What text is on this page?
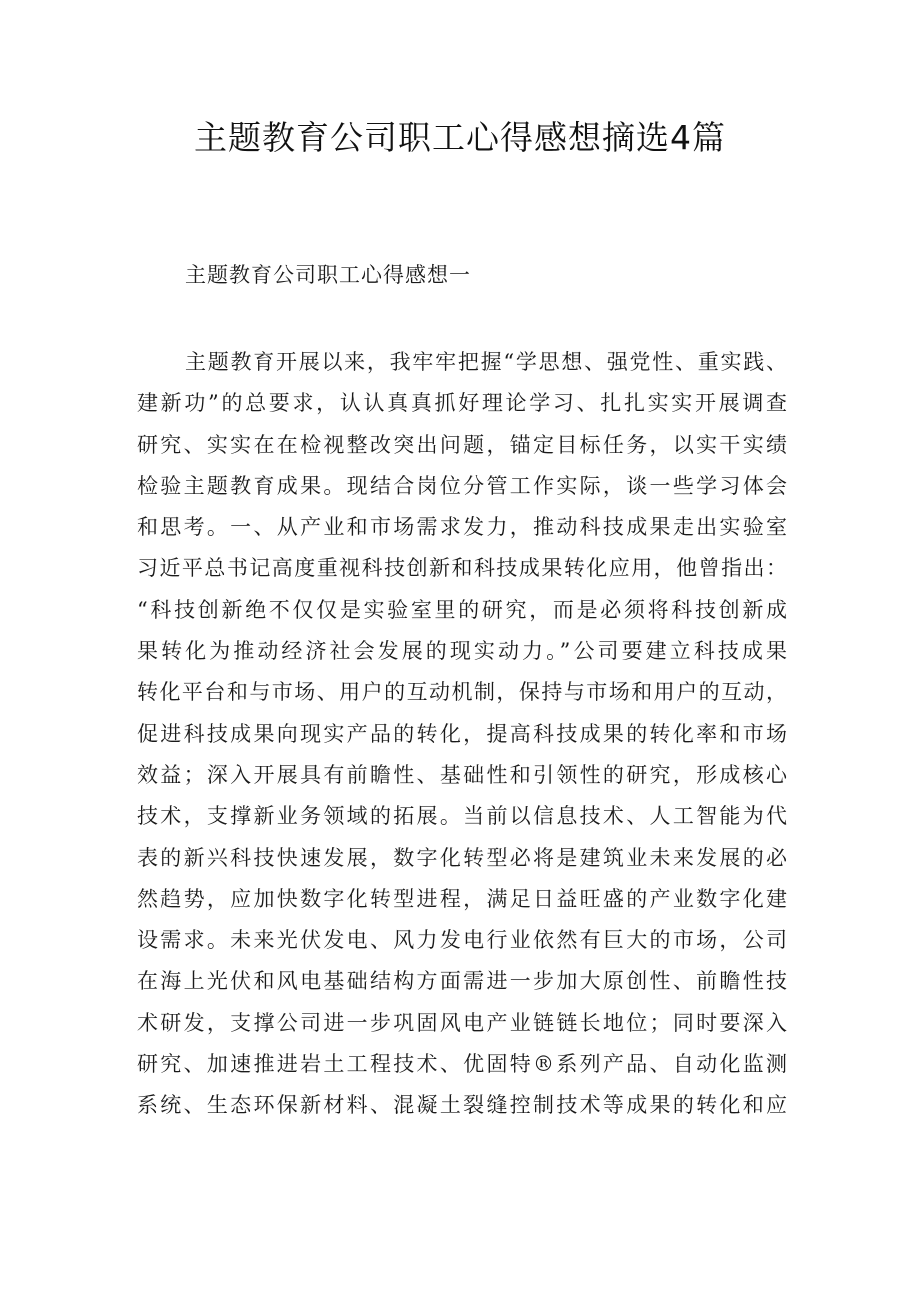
主题教育公司职工心得感想摘选4篇

主题教育公司职工心得感想一

主题教育开展以来，我牢牢把握“学思想、强党性、重实践、
建新功”的总要求，认认真真抓好理论学习、扎扎实实开展调查
研究、实实在在检视整改突出问题，锚定目标任务，以实干实绩
检验主题教育成果。现结合岗位分管工作实际，谈一些学习体会
和思考。一、从产业和市场需求发力，推动科技成果走出实验室
习近平总书记高度重视科技创新和科技成果转化应用，他曾指出：
“科技创新绝不仅仅是实验室里的研究，而是必须将科技创新成
果转化为推动经济社会发展的现实动力。”公司要建立科技成果
转化平台和与市场、用户的互动机制，保持与市场和用户的互动，
促进科技成果向现实产品的转化，提高科技成果的转化率和市场
效益；深入开展具有前瞻性、基础性和引领性的研究，形成核心
技术，支撑新业务领域的拓展。当前以信息技术、人工智能为代
表的新兴科技快速发展，数字化转型必将是建筑业未来发展的必
然趋势，应加快数字化转型进程，满足日益旺盛的产业数字化建
设需求。未来光伏发电、风力发电行业依然有巨大的市场，公司
在海上光伏和风电基础结构方面需进一步加大原创性、前瞻性技
术研发，支撑公司进一步巩固风电产业链链长地位；同时要深入
研究、加速推进岩土工程技术、优固特®系列产品、自动化监测
系统、生态环保新材料、混凝土裂缝控制技术等成果的转化和应
